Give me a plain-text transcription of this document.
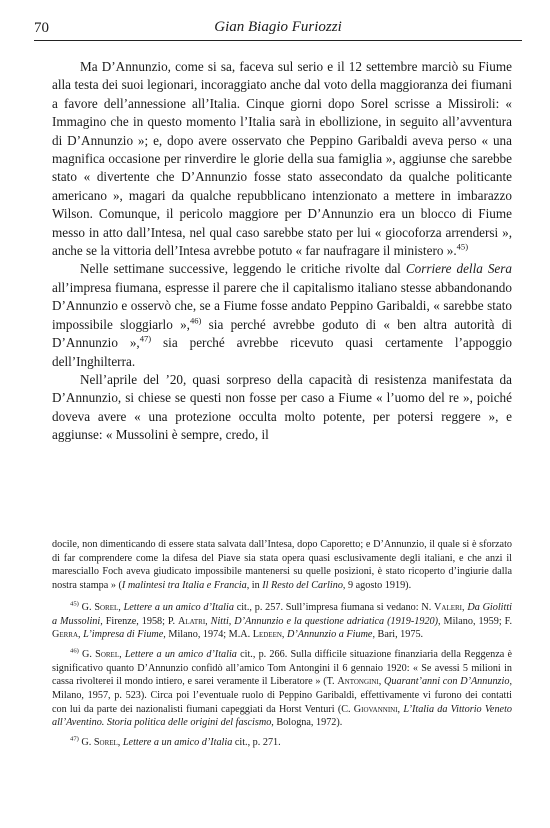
70	Gian Biagio Furiozzi

Ma D’Annunzio, come si sa, faceva sul serio e il 12 settembre marciò su Fiume alla testa dei suoi legionari, incoraggiato anche dal voto della maggioranza dei fiumani a favore dell’annessione all’Italia. Cinque giorni dopo Sorel scrisse a Missiroli: « Immagino che in questo momento l’Italia sarà in ebollizione, in seguito all’avventura di D’Annunzio »; e, dopo avere osservato che Peppino Garibaldi aveva perso « una magnifica occasione per rinverdire le glorie della sua famiglia », aggiunse che sarebbe stato « divertente che D’Annunzio fosse stato assecondato da qualche politicante americano », magari da qualche repubblicano intenzionato a mettere in imbarazzo Wilson. Comunque, il pericolo maggiore per D’Annunzio era un blocco di Fiume messo in atto dall’Intesa, nel qual caso sarebbe stato per lui « giocoforza arrendersi », anche se la vittoria dell’Intesa avrebbe potuto « far naufragare il ministero ».$^{45)}$

Nelle settimane successive, leggendo le critiche rivolte dal Corriere della Sera all’impresa fiumana, espresse il parere che il capitalismo italiano stesse abbandonando D’Annunzio e osservò che, se a Fiume fosse andato Peppino Garibaldi, « sarebbe stato impossibile sloggiarlo »,$^{46)}$ sia perché avrebbe goduto di « ben altra autorità di D’Annunzio »,$^{47)}$ sia perché avrebbe ricevuto quasi certamente l’appoggio dell’Inghilterra.

Nell’aprile del ’20, quasi sorpreso della capacità di resistenza manifestata da D’Annunzio, si chiese se questi non fosse per caso a Fiume « l’uomo del re », poiché doveva avere « una protezione occulta molto potente, per potersi reggere », e aggiunse: « Mussolini è sempre, credo, il

docile, non dimenticando di essere stata salvata dall’Intesa, dopo Caporetto; e D’Annunzio, il quale si è sforzato di far comprendere come la difesa del Piave sia stata opera quasi esclusivamente degli italiani, e che anzi il maresciallo Foch aveva giudicato impossibile mantenersi su quelle posizioni, è stato ricoperto d’ingiurie dalla nostra stampa » (I malintesi tra Italia e Francia, in Il Resto del Carlino, 9 agosto 1919).

$^{45)}$ G. Sorel, Lettere a un amico d’Italia cit., p. 257. Sull’impresa fiumana si vedano: N. Valeri, Da Giolitti a Mussolini, Firenze, 1958; P. Alatri, Nitti, D’Annunzio e la questione adriatica (1919-1920), Milano, 1959; F. Gerra, L’impresa di Fiume, Milano, 1974; M.A. Ledeen, D’Annunzio a Fiume, Bari, 1975.

$^{46)}$ G. Sorel, Lettere a un amico d’Italia cit., p. 266. Sulla difficile situazione finanziaria della Reggenza è significativo quanto D’Annunzio confidò all’amico Tom Antongini il 6 gennaio 1920: « Se avessi 5 milioni in cassa rivolterei il mondo intiero, e sarei veramente il Liberatore » (T. Antongini, Quarant’anni con D’Annunzio, Milano, 1957, p. 523). Circa poi l’eventuale ruolo di Peppino Garibaldi, effettivamente vi furono dei contatti con lui da parte dei nazionalisti fiumani capeggiati da Horst Venturi (C. Giovannini, L’Italia da Vittorio Veneto all’Aventino. Storia politica delle origini del fascismo, Bologna, 1972).

$^{47)}$ G. Sorel, Lettere a un amico d’Italia cit., p. 271.
